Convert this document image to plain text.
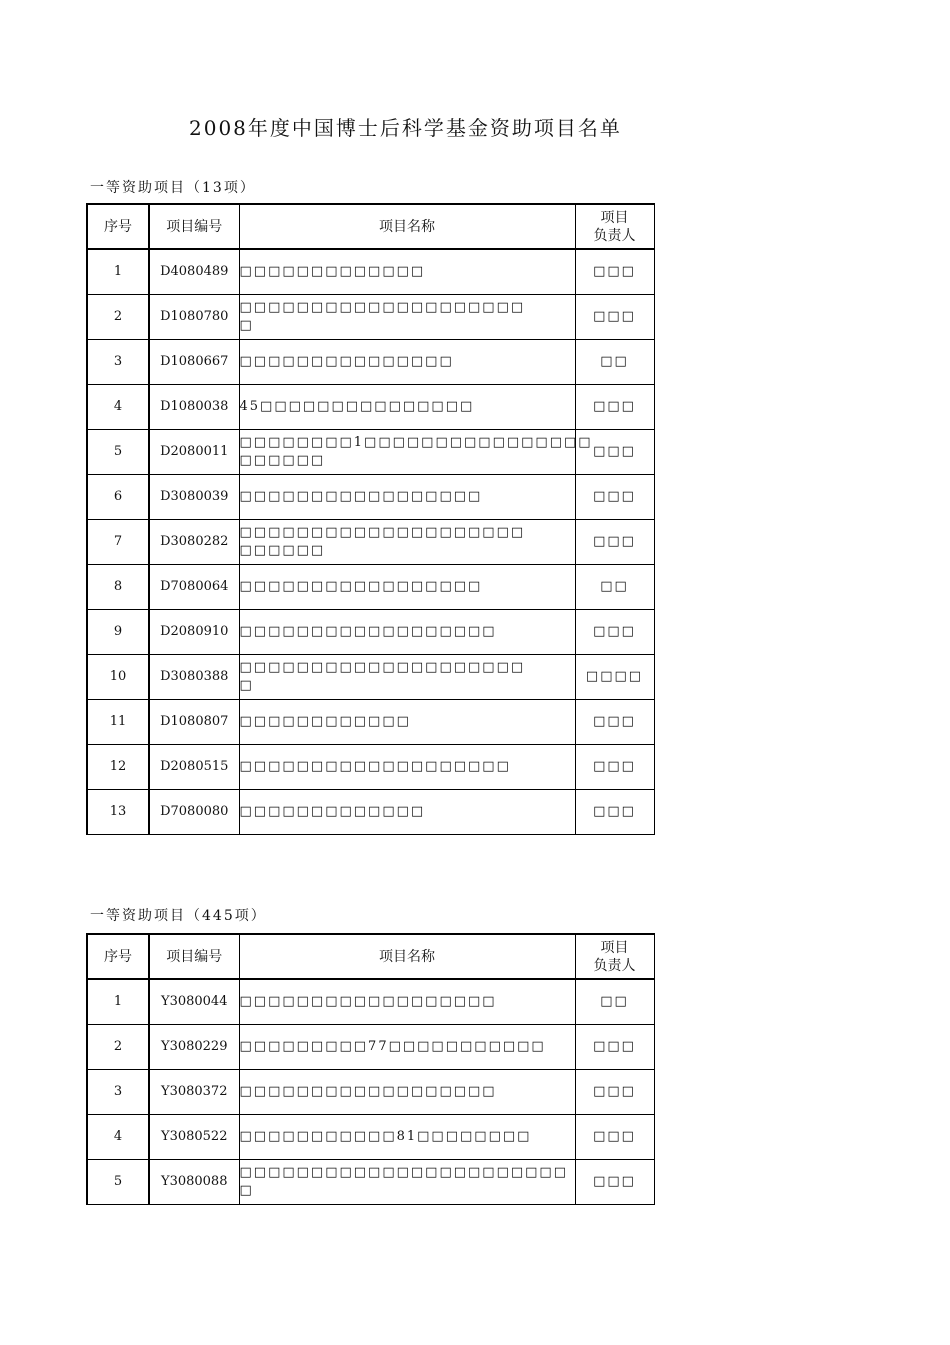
2008年度中国博士后科学基金资助项目名单
一等资助项目（13项）
序号	项目编号	项目名称	项目
负责人
1	D4080489	□□□□□□□□□□□□□	□□□
2	D1080780	□□□□□□□□□□□□□□□□□□□□
□	□□□
3	D1080667	□□□□□□□□□□□□□□□	□□
4	D1080038	45□□□□□□□□□□□□□□□	□□□
5	D2080011	□□□□□□□□1□□□□□□□□□□□□□□□□
□□□□□□	□□□
6	D3080039	□□□□□□□□□□□□□□□□□	□□□
7	D3080282	□□□□□□□□□□□□□□□□□□□□
□□□□□□	□□□
8	D7080064	□□□□□□□□□□□□□□□□□	□□
9	D2080910	□□□□□□□□□□□□□□□□□□	□□□
10	D3080388	□□□□□□□□□□□□□□□□□□□□
□	□□□□
11	D1080807	□□□□□□□□□□□□	□□□
12	D2080515	□□□□□□□□□□□□□□□□□□□	□□□
13	D7080080	□□□□□□□□□□□□□	□□□
一等资助项目（445项）
序号	项目编号	项目名称	项目
负责人
1	Y3080044	□□□□□□□□□□□□□□□□□□	□□
2	Y3080229	□□□□□□□□□77□□□□□□□□□□□	□□□
3	Y3080372	□□□□□□□□□□□□□□□□□□	□□□
4	Y3080522	□□□□□□□□□□□81□□□□□□□□	□□□
5	Y3080088	□□□□□□□□□□□□□□□□□□□□□□□
□	□□□
